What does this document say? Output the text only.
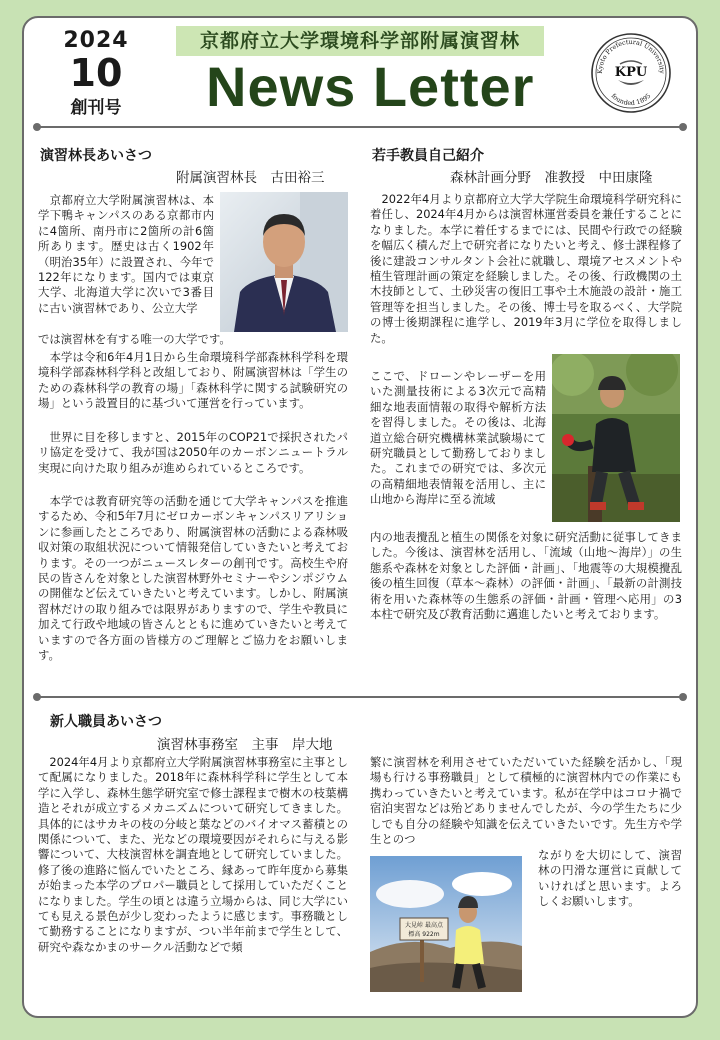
2024
10
創刊号
京都府立大学環境科学部附属演習林
News Letter	Kyoto Prefectural University
founded 1895
KPU
演習林長あいさつ
附属演習林長　古田裕三
　京都府立大学附属演習林は、本学下鴨キャンパスのある京都市内に4箇所、南丹市に2箇所の計6箇所あります。歴史は古く1902年（明治35年）に設置され、今年で122年になります。国内では東京大学、北海道大学に次いで3番目に古い演習林であり、公立大学
では演習林を有する唯一の大学です。
　本学は令和6年4月1日から生命環境科学部森林科学科を環境科学部森林科学科と改組しており、附属演習林は「学生のための森林科学の教育の場」「森林科学に関する試験研究の場」という設置目的に基づいて運営を行っています。
　世界に目を移しますと、2015年のCOP21で採択されたパリ協定を受けて、我が国は2050年のカーボンニュートラル実現に向けた取り組みが進められているところです。
　本学では教育研究等の活動を通じて大学キャンパスを推進するため、令和5年7月にゼロカーボンキャンパスリアリションに参画したところであり、附属演習林の活動による森林吸収対策の取組状況について情報発信していきたいと考えております。その一つがニュースレターの創刊です。高校生や府民の皆さんを対象とした演習林野外セミナーやシンポジウムの開催など伝えていきたいと考えています。しかし、附属演習林だけの取り組みでは限界がありますので、学生や教員に加えて行政や地域の皆さんとともに進めていきたいと考えていますので各方面の皆様方のご理解とご協力をお願いします。
若手教員自己紹介
森林計画分野　准教授　中田康隆
　2022年4月より京都府立大学大学院生命環境科学研究科に着任し、2024年4月からは演習林運営委員を兼任することになりました。本学に着任するまでには、民間や行政での経験を幅広く積んだ上で研究者になりたいと考え、修士課程修了後に建設コンサルタント会社に就職し、環境アセスメントや植生管理計画の策定を経験しました。その後、行政機関の土木技師として、土砂災害の復旧工事や土木施設の設計・施工管理等を担当しました。その後、博士号を取るべく、大学院の博士後期課程に進学し、2019年3月に学位を取得しました。
ここで、ドローンやレーザーを用いた測量技術による3次元で高精細な地表面情報の取得や解析方法を習得しました。その後は、北海道立総合研究機構林業試験場にて研究職員として勤務しておりました。これまでの研究では、多次元の高精細地表情報を活用し、主に山地から海岸に至る流域
内の地表攪乱と植生の関係を対象に研究活動に従事してきました。今後は、演習林を活用し、「流域（山地〜海岸）」の生態系や森林を対象とした評価・計画」、「地震等の大規模攪乱後の植生回復（草本〜森林）の評価・計画」、「最新の計測技術を用いた森林等の生態系の評価・計画・管理へ応用」の3本柱で研究及び教育活動に邁進したいと考えております。
新人職員あいさつ
演習林事務室　主事　岸大地
　2024年4月より京都府立大学附属演習林事務室に主事として配属になりました。2018年に森林科学科に学生として本学に入学し、森林生態学研究室で修士課程まで樹木の枝葉構造とそれが成立するメカニズムについて研究してきました。具体的にはサカキの枝の分岐と葉などのバイオマス蓄積との関係について、また、光などの環境要因がそれらに与える影響について、大枝演習林を調査地として研究していました。修了後の進路に悩んでいたところ、縁あって昨年度から募集が始まった本学のプロパー職員として採用していただくことになりました。学生の頃とは違う立場からは、同じ大学にいても見える景色が少し変わったように感じます。事務職として勤務することになりますが、つい半年前まで学生として、研究や森なかまのサークル活動などで頻
繁に演習林を利用させていただいていた経験を活かし、「現場も行ける事務職員」として積極的に演習林内での作業にも携わっていきたいと考えています。私が在学中はコロナ禍で宿泊実習などは殆どありませんでしたが、今の学生たちに少しでも自分の経験や知識を伝えていきたいです。先生方や学生とのつ
大見峠 最高点
標高 922m
ながりを大切にして、演習林の円滑な運営に貢献していければと思います。よろしくお願いします。
